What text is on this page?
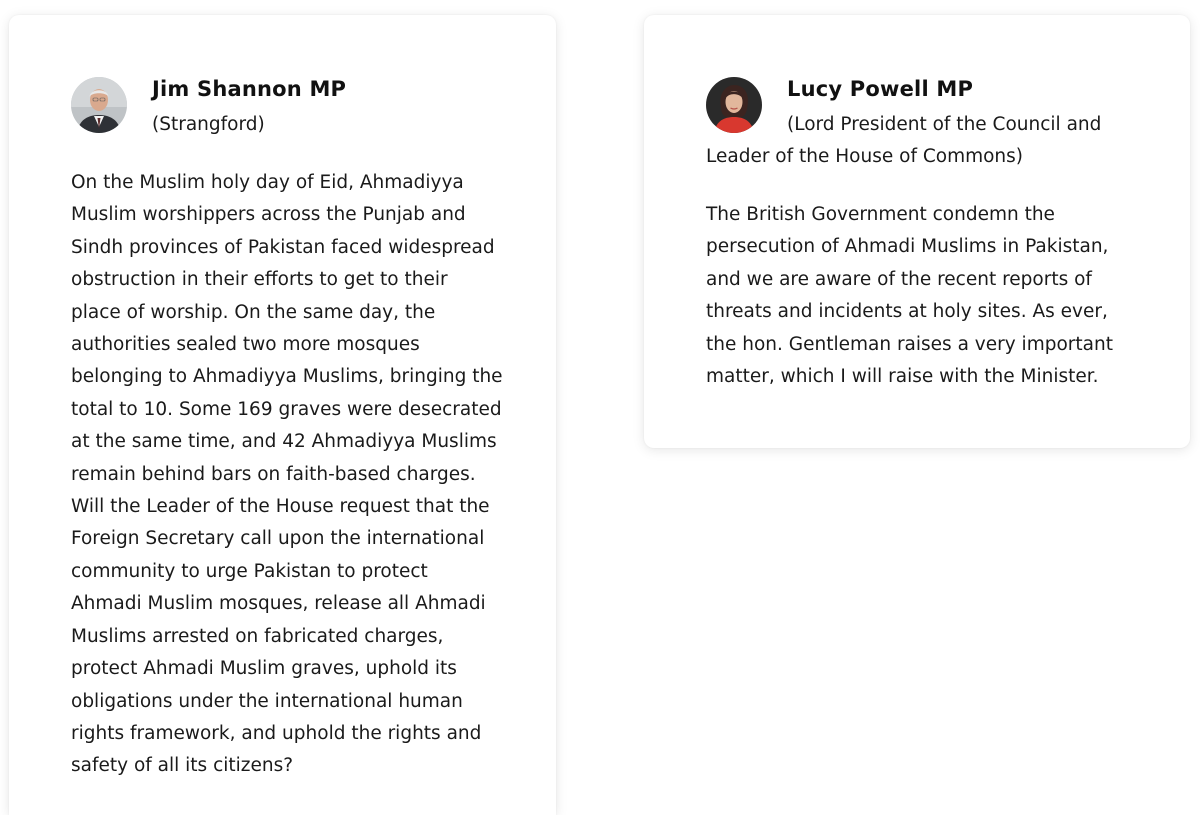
Jim Shannon MP
(Strangford)

On the Muslim holy day of Eid, Ahmadiyya Muslim worshippers across the Punjab and Sindh provinces of Pakistan faced widespread obstruction in their efforts to get to their place of worship. On the same day, the authorities sealed two more mosques belonging to Ahmadiyya Muslims, bringing the total to 10. Some 169 graves were desecrated at the same time, and 42 Ahmadiyya Muslims remain behind bars on faith-based charges. Will the Leader of the House request that the Foreign Secretary call upon the international community to urge Pakistan to protect Ahmadi Muslim mosques, release all Ahmadi Muslims arrested on fabricated charges, protect Ahmadi Muslim graves, uphold its obligations under the international human rights framework, and uphold the rights and safety of all its citizens?

Lucy Powell MP
(Lord President of the Council and Leader of the House of Commons)

The British Government condemn the persecution of Ahmadi Muslims in Pakistan, and we are aware of the recent reports of threats and incidents at holy sites. As ever, the hon. Gentleman raises a very important matter, which I will raise with the Minister.
